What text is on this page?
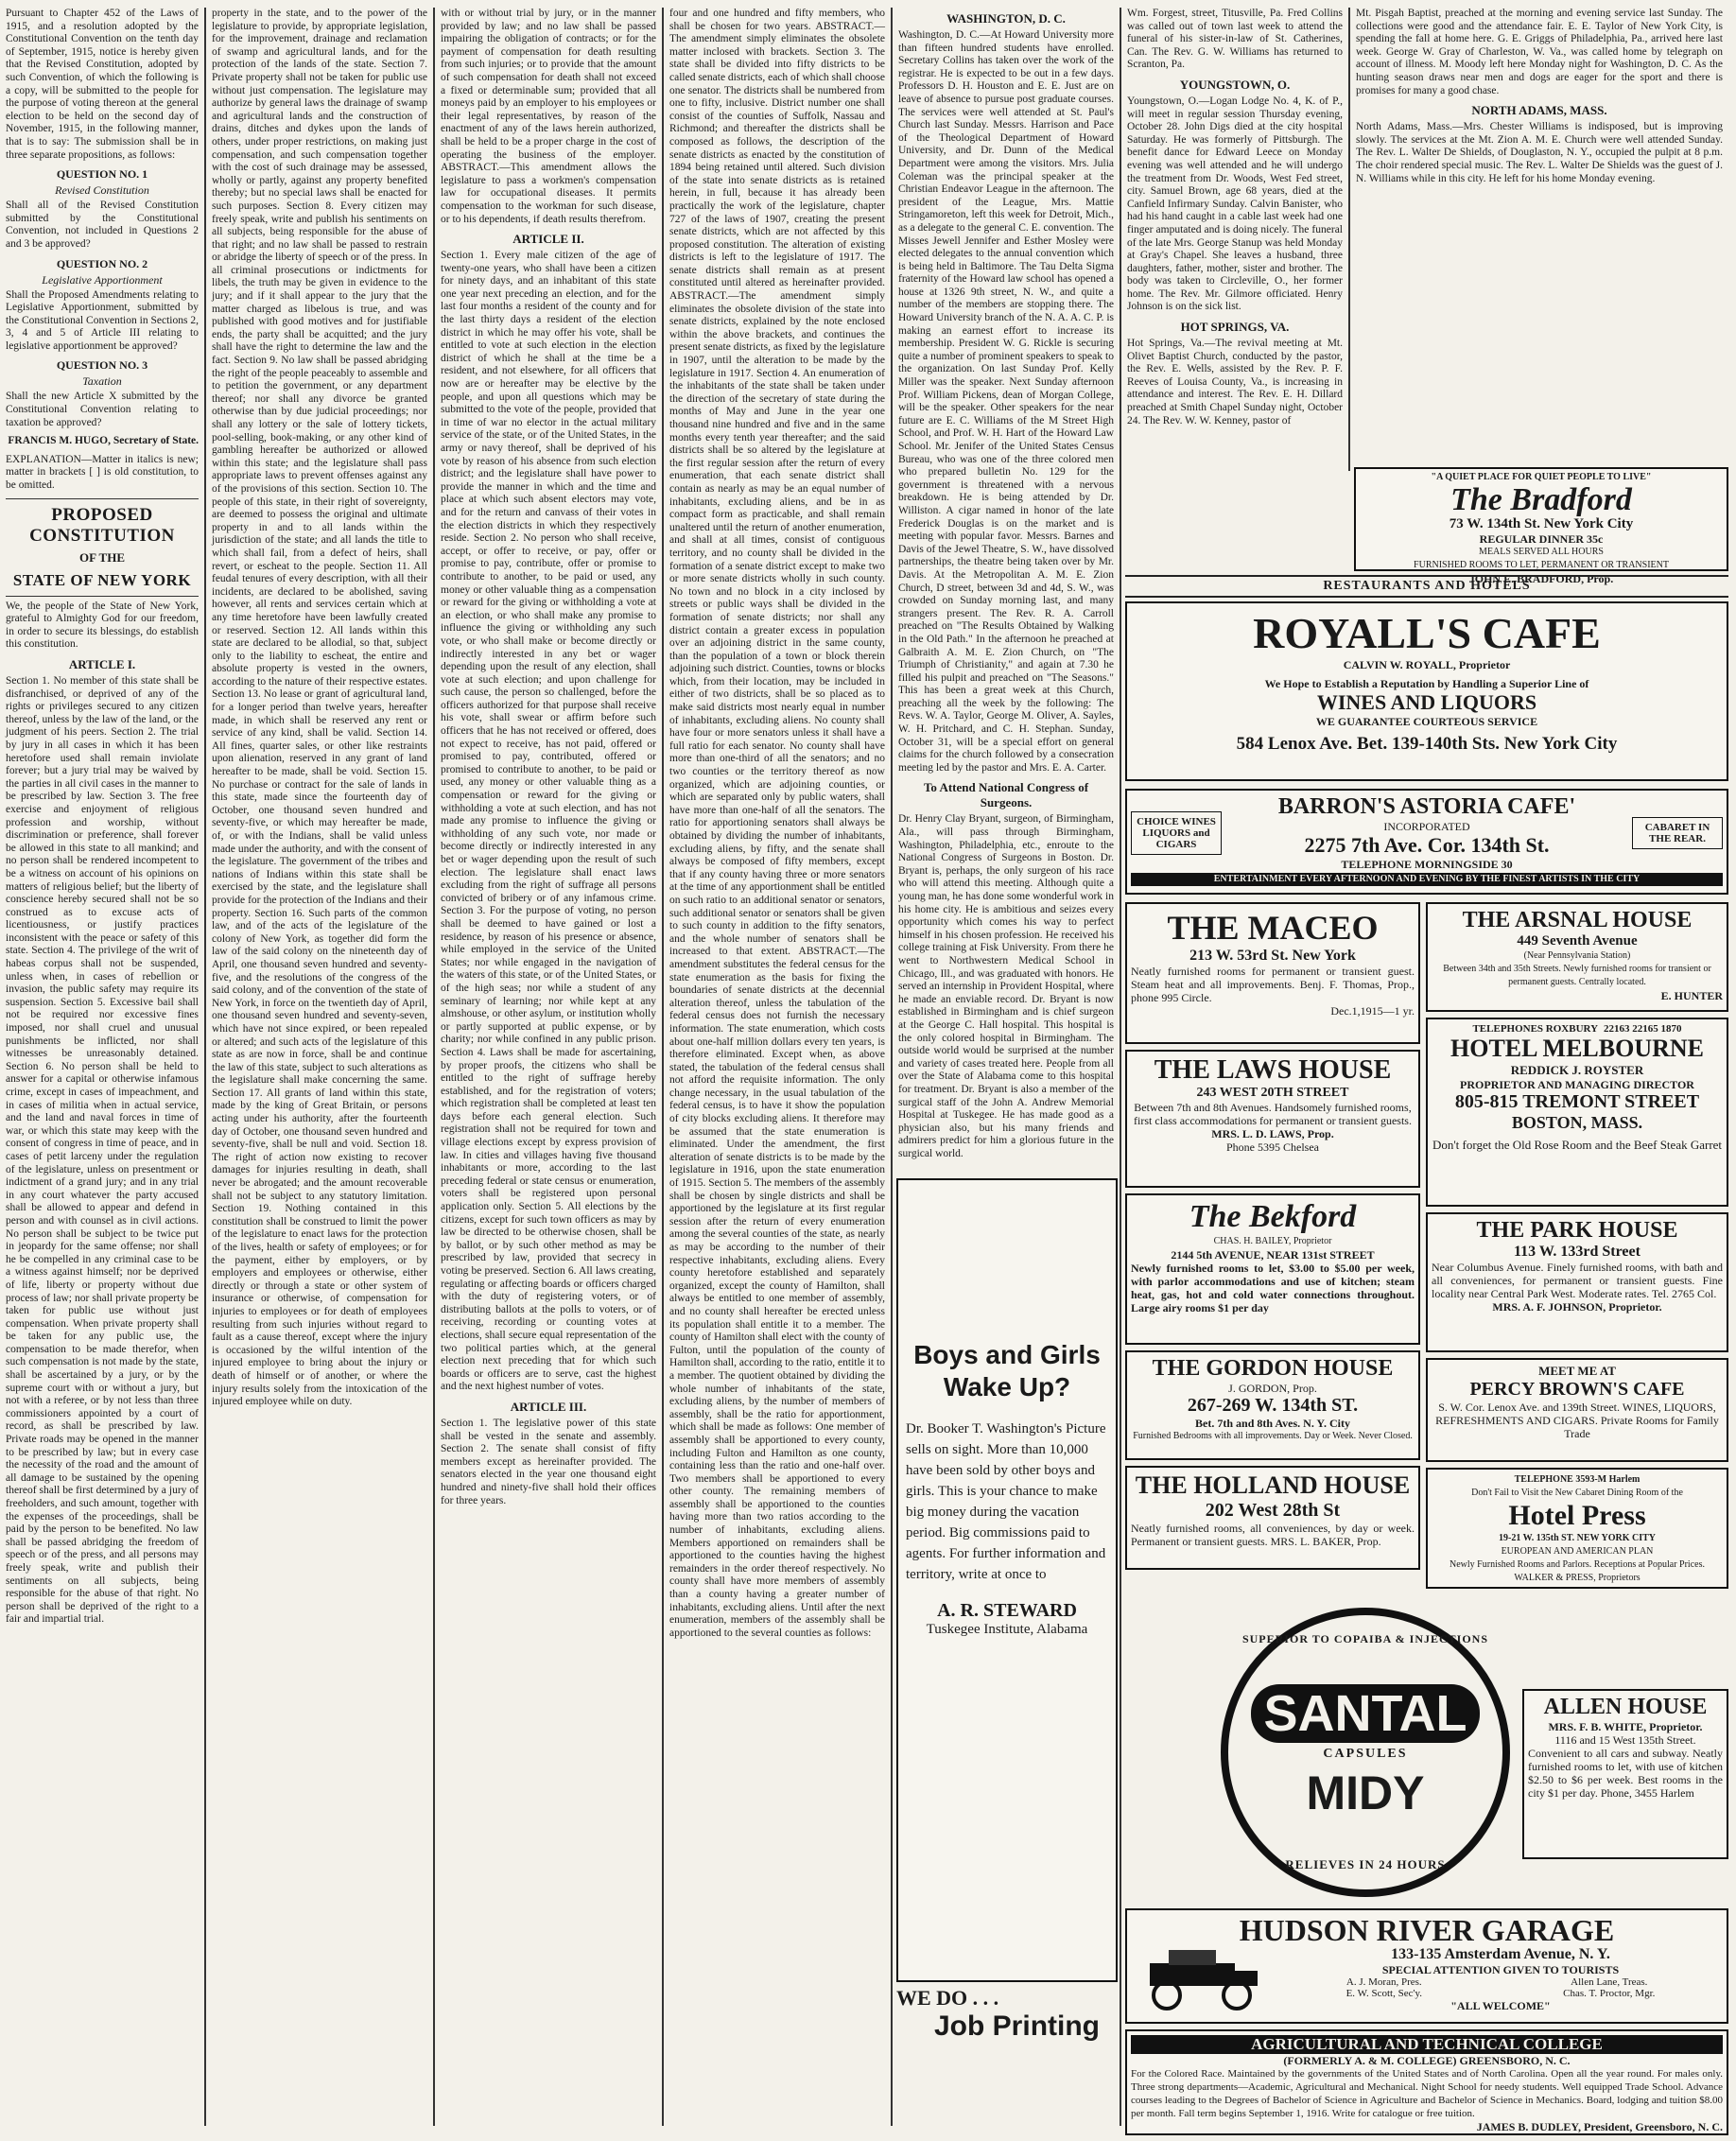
Pursuant to Chapter 452 of the Laws of 1915, and a resolution adopted by the Constitutional Convention on the tenth day of September, 1915, notice is hereby given that the Revised Constitution, adopted by such Convention, of which the following is a copy, will be submitted to the people for the purpose of voting thereon at the general election to be held on the second day of November, 1915, in the following manner, that is to say: The submission shall be in three separate propositions, as follows:

QUESTION NO. 1
Revised Constitution

Shall all of the Revised Constitution submitted by the Constitutional Convention, not included in Questions 2 and 3 be approved?

QUESTION NO. 2
Legislative Apportionment

Shall the Proposed Amendments relating to Legislative Apportionment, submitted by the Constitutional Convention in Sections 2, 3, 4 and 5 of Article III relating to legislative apportionment be approved?

QUESTION NO. 3
Taxation

Shall the new Article X submitted by the Constitutional Convention relating to taxation be approved?

FRANCIS M. HUGO, Secretary of State.

EXPLANATION—Matter in italics is new; matter in brackets [ ] is old constitution, to be omitted.

PROPOSED CONSTITUTION
OF THE
STATE OF NEW YORK

We, the people of the State of New York, grateful to Almighty God for our freedom, in order to secure its blessings, do establish this constitution.

ARTICLE I.

Section 1. No member of this state shall be disfranchised, or deprived of any of the rights or privileges secured to any citizen thereof, unless by the law of the land, or the judgment of his peers. Section 2. The trial by jury in all cases in which it has been heretofore used shall remain inviolate forever; but a jury trial may be waived by the parties in all civil cases in the manner to be prescribed by law. Section 3. The free exercise and enjoyment of religious profession and worship, without discrimination or preference, shall forever be allowed in this state to all mankind; and no person shall be rendered incompetent to be a witness on account of his opinions on matters of religious belief; but the liberty of conscience hereby secured shall not be so construed as to excuse acts of licentiousness, or justify practices inconsistent with the peace or safety of this state. Section 4. The privilege of the writ of habeas corpus shall not be suspended, unless when, in cases of rebellion or invasion, the public safety may require its suspension. Section 5. Excessive bail shall not be required nor excessive fines imposed, nor shall cruel and unusual punishments be inflicted, nor shall witnesses be unreasonably detained. Section 6. No person shall be held to answer for a capital or otherwise infamous crime, except in cases of impeachment, and in cases of militia when in actual service, and the land and naval forces in time of war, or which this state may keep with the consent of congress in time of peace, and in cases of petit larceny under the regulation of the legislature, unless on presentment or indictment of a grand jury; and in any trial in any court whatever the party accused shall be allowed to appear and defend in person and with counsel as in civil actions. No person shall be subject to be twice put in jeopardy for the same offense; nor shall he be compelled in any criminal case to be a witness against himself; nor be deprived of life, liberty or property without due process of law; nor shall private property be taken for public use without just compensation. When private property shall be taken for any public use, the compensation to be made therefor, when such compensation is not made by the state, shall be ascertained by a jury, or by the supreme court with or without a jury, but not with a referee, or by not less than three commissioners appointed by a court of record, as shall be prescribed by law. Private roads may be opened in the manner to be prescribed by law; but in every case the necessity of the road and the amount of all damage to be sustained by the opening thereof shall be first determined by a jury of freeholders, and such amount, together with the expenses of the proceedings, shall be paid by the person to be benefited. No law shall be passed abridging the freedom of speech or of the press, and all persons may freely speak, write and publish their sentiments on all subjects, being responsible for the abuse of that right. No person shall be deprived of the right to a fair and impartial trial.

property in the state, and to the power of the legislature to provide, by appropriate legislation, for the improvement, drainage and reclamation of swamp and agricultural lands, and for the protection of the lands of the state. Section 7. Private property shall not be taken for public use without just compensation. The legislature may authorize by general laws the drainage of swamp and agricultural lands and the construction of drains, ditches and dykes upon the lands of others, under proper restrictions, on making just compensation, and such compensation together with the cost of such drainage may be assessed, wholly or partly, against any property benefited thereby; but no special laws shall be enacted for such purposes. Section 8. Every citizen may freely speak, write and publish his sentiments on all subjects, being responsible for the abuse of that right; and no law shall be passed to restrain or abridge the liberty of speech or of the press. In all criminal prosecutions or indictments for libels, the truth may be given in evidence to the jury; and if it shall appear to the jury that the matter charged as libelous is true, and was published with good motives and for justifiable ends, the party shall be acquitted; and the jury shall have the right to determine the law and the fact. Section 9. No law shall be passed abridging the right of the people peaceably to assemble and to petition the government, or any department thereof; nor shall any divorce be granted otherwise than by due judicial proceedings; nor shall any lottery or the sale of lottery tickets, pool-selling, book-making, or any other kind of gambling hereafter be authorized or allowed within this state; and the legislature shall pass appropriate laws to prevent offenses against any of the provisions of this section. Section 10. The people of this state, in their right of sovereignty, are deemed to possess the original and ultimate property in and to all lands within the jurisdiction of the state; and all lands the title to which shall fail, from a defect of heirs, shall revert, or escheat to the people. Section 11. All feudal tenures of every description, with all their incidents, are declared to be abolished, saving however, all rents and services certain which at any time heretofore have been lawfully created or reserved. Section 12. All lands within this state are declared to be allodial, so that, subject only to the liability to escheat, the entire and absolute property is vested in the owners, according to the nature of their respective estates. Section 13. No lease or grant of agricultural land, for a longer period than twelve years, hereafter made, in which shall be reserved any rent or service of any kind, shall be valid. Section 14. All fines, quarter sales, or other like restraints upon alienation, reserved in any grant of land hereafter to be made, shall be void. Section 15. No purchase or contract for the sale of lands in this state, made since the fourteenth day of October, one thousand seven hundred and seventy-five, or which may hereafter be made, of, or with the Indians, shall be valid unless made under the authority, and with the consent of the legislature. The government of the tribes and nations of Indians within this state shall be exercised by the state, and the legislature shall provide for the protection of the Indians and their property. Section 16. Such parts of the common law, and of the acts of the legislature of the colony of New York, as together did form the law of the said colony on the nineteenth day of April, one thousand seven hundred and seventy-five, and the resolutions of the congress of the said colony, and of the convention of the state of New York, in force on the twentieth day of April, one thousand seven hundred and seventy-seven, which have not since expired, or been repealed or altered; and such acts of the legislature of this state as are now in force, shall be and continue the law of this state, subject to such alterations as the legislature shall make concerning the same. Section 17. All grants of land within this state, made by the king of Great Britain, or persons acting under his authority, after the fourteenth day of October, one thousand seven hundred and seventy-five, shall be null and void. Section 18. The right of action now existing to recover damages for injuries resulting in death, shall never be abrogated; and the amount recoverable shall not be subject to any statutory limitation. Section 19. Nothing contained in this constitution shall be construed to limit the power of the legislature to enact laws for the protection of the lives, health or safety of employees; or for the payment, either by employers, or by employers and employees or otherwise, either directly or through a state or other system of insurance or otherwise, of compensation for injuries to employees or for death of employees resulting from such injuries without regard to fault as a cause thereof, except where the injury is occasioned by the wilful intention of the injured employee to bring about the injury or death of himself or of another, or where the injury results solely from the intoxication of the injured employee while on duty.

with or without trial by jury, or in the manner provided by law; and no law shall be passed impairing the obligation of contracts; or for the payment of compensation for death resulting from such injuries; or to provide that the amount of such compensation for death shall not exceed a fixed or determinable sum; provided that all moneys paid by an employer to his employees or their legal representatives, by reason of the enactment of any of the laws herein authorized, shall be held to be a proper charge in the cost of operating the business of the employer. ABSTRACT.—This amendment allows the legislature to pass a workmen's compensation law for occupational diseases. It permits compensation to the workman for such disease, or to his dependents, if death results therefrom.

ARTICLE II.

Section 1. Every male citizen of the age of twenty-one years, who shall have been a citizen for ninety days, and an inhabitant of this state one year next preceding an election, and for the last four months a resident of the county and for the last thirty days a resident of the election district in which he may offer his vote, shall be entitled to vote at such election in the election district of which he shall at the time be a resident, and not elsewhere, for all officers that now are or hereafter may be elective by the people, and upon all questions which may be submitted to the vote of the people, provided that in time of war no elector in the actual military service of the state, or of the United States, in the army or navy thereof, shall be deprived of his vote by reason of his absence from such election district; and the legislature shall have power to provide the manner in which and the time and place at which such absent electors may vote, and for the return and canvass of their votes in the election districts in which they respectively reside. Section 2. No person who shall receive, accept, or offer to receive, or pay, offer or promise to pay, contribute, offer or promise to contribute to another, to be paid or used, any money or other valuable thing as a compensation or reward for the giving or withholding a vote at an election, or who shall make any promise to influence the giving or withholding any such vote, or who shall make or become directly or indirectly interested in any bet or wager depending upon the result of any election, shall vote at such election; and upon challenge for such cause, the person so challenged, before the officers authorized for that purpose shall receive his vote, shall swear or affirm before such officers that he has not received or offered, does not expect to receive, has not paid, offered or promised to pay, contributed, offered or promised to contribute to another, to be paid or used, any money or other valuable thing as a compensation or reward for the giving or withholding a vote at such election, and has not made any promise to influence the giving or withholding of any such vote, nor made or become directly or indirectly interested in any bet or wager depending upon the result of such election. The legislature shall enact laws excluding from the right of suffrage all persons convicted of bribery or of any infamous crime. Section 3. For the purpose of voting, no person shall be deemed to have gained or lost a residence, by reason of his presence or absence, while employed in the service of the United States; nor while engaged in the navigation of the waters of this state, or of the United States, or of the high seas; nor while a student of any seminary of learning; nor while kept at any almshouse, or other asylum, or institution wholly or partly supported at public expense, or by charity; nor while confined in any public prison. Section 4. Laws shall be made for ascertaining, by proper proofs, the citizens who shall be entitled to the right of suffrage hereby established, and for the registration of voters; which registration shall be completed at least ten days before each general election. Such registration shall not be required for town and village elections except by express provision of law. In cities and villages having five thousand inhabitants or more, according to the last preceding federal or state census or enumeration, voters shall be registered upon personal application only. Section 5. All elections by the citizens, except for such town officers as may by law be directed to be otherwise chosen, shall be by ballot, or by such other method as may be prescribed by law, provided that secrecy in voting be preserved. Section 6. All laws creating, regulating or affecting boards or officers charged with the duty of registering voters, or of distributing ballots at the polls to voters, or of receiving, recording or counting votes at elections, shall secure equal representation of the two political parties which, at the general election next preceding that for which such boards or officers are to serve, cast the highest and the next highest number of votes.

ARTICLE III.

Section 1. The legislative power of this state shall be vested in the senate and assembly. Section 2. The senate shall consist of fifty members except as hereinafter provided. The senators elected in the year one thousand eight hundred and ninety-five shall hold their offices for three years.

four and one hundred and fifty members, who shall be chosen for two years. ABSTRACT.—The amendment simply eliminates the obsolete matter inclosed with brackets. Section 3. The state shall be divided into fifty districts to be called senate districts, each of which shall choose one senator. The districts shall be numbered from one to fifty, inclusive. District number one shall consist of the counties of Suffolk, Nassau and Richmond; and thereafter the districts shall be composed as follows, the description of the senate districts as enacted by the constitution of 1894 being retained until altered. Such division of the state into senate districts as is retained herein, in full, because it has already been practically the work of the legislature, chapter 727 of the laws of 1907, creating the present senate districts, which are not affected by this proposed constitution. The alteration of existing districts is left to the legislature of 1917. The senate districts shall remain as at present constituted until altered as hereinafter provided. ABSTRACT.—The amendment simply eliminates the obsolete division of the state into senate districts, explained by the note enclosed within the above brackets, and continues the present senate districts, as fixed by the legislature in 1907, until the alteration to be made by the legislature in 1917. Section 4. An enumeration of the inhabitants of the state shall be taken under the direction of the secretary of state during the months of May and June in the year one thousand nine hundred and five and in the same months every tenth year thereafter; and the said districts shall be so altered by the legislature at the first regular session after the return of every enumeration, that each senate district shall contain as nearly as may be an equal number of inhabitants, excluding aliens, and be in as compact form as practicable, and shall remain unaltered until the return of another enumeration, and shall at all times, consist of contiguous territory, and no county shall be divided in the formation of a senate district except to make two or more senate districts wholly in such county. No town and no block in a city inclosed by streets or public ways shall be divided in the formation of senate districts; nor shall any district contain a greater excess in population over an adjoining district in the same county, than the population of a town or block therein adjoining such district. Counties, towns or blocks which, from their location, may be included in either of two districts, shall be so placed as to make said districts most nearly equal in number of inhabitants, excluding aliens. No county shall have four or more senators unless it shall have a full ratio for each senator. No county shall have more than one-third of all the senators; and no two counties or the territory thereof as now organized, which are adjoining counties, or which are separated only by public waters, shall have more than one-half of all the senators. The ratio for apportioning senators shall always be obtained by dividing the number of inhabitants, excluding aliens, by fifty, and the senate shall always be composed of fifty members, except that if any county having three or more senators at the time of any apportionment shall be entitled on such ratio to an additional senator or senators, such additional senator or senators shall be given to such county in addition to the fifty senators, and the whole number of senators shall be increased to that extent. ABSTRACT.—The amendment substitutes the federal census for the state enumeration as the basis for fixing the boundaries of senate districts at the decennial alteration thereof, unless the tabulation of the federal census does not furnish the necessary information. The state enumeration, which costs about one-half million dollars every ten years, is therefore eliminated. Except when, as above stated, the tabulation of the federal census shall not afford the requisite information. The only change necessary, in the usual tabulation of the federal census, is to have it show the population of city blocks excluding aliens. It therefore may be assumed that the state enumeration is eliminated. Under the amendment, the first alteration of senate districts is to be made by the legislature in 1916, upon the state enumeration of 1915. Section 5. The members of the assembly shall be chosen by single districts and shall be apportioned by the legislature at its first regular session after the return of every enumeration among the several counties of the state, as nearly as may be according to the number of their respective inhabitants, excluding aliens. Every county heretofore established and separately organized, except the county of Hamilton, shall always be entitled to one member of assembly, and no county shall hereafter be erected unless its population shall entitle it to a member. The county of Hamilton shall elect with the county of Fulton, until the population of the county of Hamilton shall, according to the ratio, entitle it to a member. The quotient obtained by dividing the whole number of inhabitants of the state, excluding aliens, by the number of members of assembly, shall be the ratio for apportionment, which shall be made as follows: One member of assembly shall be apportioned to every county, including Fulton and Hamilton as one county, containing less than the ratio and one-half over. Two members shall be apportioned to every other county. The remaining members of assembly shall be apportioned to the counties having more than two ratios according to the number of inhabitants, excluding aliens. Members apportioned on remainders shall be apportioned to the counties having the highest remainders in the order thereof respectively. No county shall have more members of assembly than a county having a greater number of inhabitants, excluding aliens. Until after the next enumeration, members of the assembly shall be apportioned to the several counties as follows:

WASHINGTON, D. C.

Washington, D. C.—At Howard University more than fifteen hundred students have enrolled. Secretary Collins has taken over the work of the registrar. He is expected to be out in a few days. Professors D. H. Houston and E. E. Just are on leave of absence to pursue post graduate courses. The services were well attended at St. Paul's Church last Sunday. Messrs. Harrison and Pace of the Theological Department of Howard University, and Dr. Dunn of the Medical Department were among the visitors. Mrs. Julia Coleman was the principal speaker at the Christian Endeavor League in the afternoon. The president of the League, Mrs. Mattie Stringamoreton, left this week for Detroit, Mich., as a delegate to the general C. E. convention. The Misses Jewell Jennifer and Esther Mosley were elected delegates to the annual convention which is being held in Baltimore. The Tau Delta Sigma fraternity of the Howard law school has opened a house at 1326 9th street, N. W., and quite a number of the members are stopping there. The Howard University branch of the N. A. A. C. P. is making an earnest effort to increase its membership. President W. G. Rickle is securing quite a number of prominent speakers to speak to the organization. On last Sunday Prof. Kelly Miller was the speaker. Next Sunday afternoon Prof. William Pickens, dean of Morgan College, will be the speaker. Other speakers for the near future are E. C. Williams of the M Street High School, and Prof. W. H. Hart of the Howard Law School. Mr. Jenifer of the United States Census Bureau, who was one of the three colored men who prepared bulletin No. 129 for the government is threatened with a nervous breakdown. He is being attended by Dr. Williston. A cigar named in honor of the late Frederick Douglas is on the market and is meeting with popular favor. Messrs. Barnes and Davis of the Jewel Theatre, S. W., have dissolved partnerships, the theatre being taken over by Mr. Davis. At the Metropolitan A. M. E. Zion Church, D street, between 3d and 4d, S. W., was crowded on Sunday morning last, and many strangers present. The Rev. R. A. Carroll preached on "The Results Obtained by Walking in the Old Path." In the afternoon he preached at Galbraith A. M. E. Zion Church, on "The Triumph of Christianity," and again at 7.30 he filled his pulpit and preached on "The Seasons." This has been a great week at this Church, preaching all the week by the following: The Revs. W. A. Taylor, George M. Oliver, A. Sayles, W. H. Pritchard, and C. H. Stephan. Sunday, October 31, will be a special effort on general claims for the church followed by a consecration meeting led by the pastor and Mrs. E. A. Carter.

To Attend National Congress of Surgeons.

Dr. Henry Clay Bryant, surgeon, of Birmingham, Ala., will pass through Birmingham, Washington, Philadelphia, etc., enroute to the National Congress of Surgeons in Boston. Dr. Bryant is, perhaps, the only surgeon of his race who will attend this meeting. Although quite a young man, he has done some wonderful work in his home city. He is ambitious and seizes every opportunity which comes his way to perfect himself in his chosen profession. He received his college training at Fisk University. From there he went to Northwestern Medical School in Chicago, Ill., and was graduated with honors. He served an internship in Provident Hospital, where he made an enviable record. Dr. Bryant is now established in Birmingham and is chief surgeon at the George C. Hall hospital. This hospital is the only colored hospital in Birmingham. The outside world would be surprised at the number and variety of cases treated here. People from all over the State of Alabama come to this hospital for treatment. Dr. Bryant is also a member of the surgical staff of the John A. Andrew Memorial Hospital at Tuskegee. He has made good as a physician also, but his many friends and admirers predict for him a glorious future in the surgical world.

Wm. Forgest, street, Titusville, Pa. Fred Collins was called out of town last week to attend the funeral of his sister-in-law of St. Catherines, Can. The Rev. G. W. Williams has returned to Scranton, Pa.

YOUNGSTOWN, O.

Youngstown, O.—Logan Lodge No. 4, K. of P., will meet in regular session Thursday evening, October 28. John Digs died at the city hospital Saturday. He was formerly of Pittsburgh. The benefit dance for Edward Leece on Monday evening was well attended and he will undergo the treatment from Dr. Woods, West Fed street, city. Samuel Brown, age 68 years, died at the Canfield Infirmary Sunday. Calvin Banister, who had his hand caught in a cable last week had one finger amputated and is doing nicely. The funeral of the late Mrs. George Stanup was held Monday at Gray's Chapel. She leaves a husband, three daughters, father, mother, sister and brother. The body was taken to Circleville, O., her former home. The Rev. Mr. Gilmore officiated. Henry Johnson is on the sick list.

HOT SPRINGS, VA.

Hot Springs, Va.—The revival meeting at Mt. Olivet Baptist Church, conducted by the pastor, the Rev. E. Wells, assisted by the Rev. P. F. Reeves of Louisa County, Va., is increasing in attendance and interest. The Rev. E. H. Dillard preached at Smith Chapel Sunday night, October 24. The Rev. W. W. Kenney, pastor of

Mt. Pisgah Baptist, preached at the morning and evening service last Sunday. The collections were good and the attendance fair. E. E. Taylor of New York City, is spending the fall at home here. G. E. Griggs of Philadelphia, Pa., arrived here last week. George W. Gray of Charleston, W. Va., was called home by telegraph on account of illness. M. Moody left here Monday night for Washington, D. C. As the hunting season draws near men and dogs are eager for the sport and there is promises for many a good chase.

NORTH ADAMS, MASS.

North Adams, Mass.—Mrs. Chester Williams is indisposed, but is improving slowly. The services at the Mt. Zion A. M. E. Church were well attended Sunday. The Rev. L. Walter De Shields, of Douglaston, N. Y., occupied the pulpit at 8 p.m. The choir rendered special music. The Rev. L. Walter De Shields was the guest of J. N. Williams while in this city. He left for his home Monday evening.

"A QUIET PLACE FOR QUIET PEOPLE TO LIVE"
The Bradford
73 W. 134th St. New York City
REGULAR DINNER 35c
MEALS SERVED ALL HOURS
FURNISHED ROOMS TO LET, PERMANENT OR TRANSIENT
JOHN E. BRADFORD, Prop.
RESTAURANTS AND HOTELS
ROYALL'S CAFE
CALVIN W. ROYALL, Proprietor
We Hope to Establish a Reputation by Handling a Superior Line of
WINES AND LIQUORS
WE GUARANTEE COURTEOUS SERVICE
584 Lenox Ave. Bet. 139-140th Sts. New York City
CHOICE WINES LIQUORS and CIGARS
BARRON'S ASTORIA CAFE'
INCORPORATED
2275 7th Ave. Cor. 134th St.
TELEPHONE MORNINGSIDE 30
CABARET IN THE REAR.
ENTERTAINMENT EVERY AFTERNOON AND EVENING BY THE FINEST ARTISTS IN THE CITY
THE MACEO
213 W. 53rd St. New York
Neatly furnished rooms for permanent or transient guest. Steam heat and all improvements. Benj. F. Thomas, Prop., phone 995 Circle.
Dec.1,1915—1 yr.
THE LAWS HOUSE
243 WEST 20TH STREET
Between 7th and 8th Avenues. Handsomely furnished rooms, first class accommodations for permanent or transient guests.
MRS. L. D. LAWS, Prop.
Phone 5395 Chelsea
The Bekford
CHAS. H. BAILEY, Proprietor
2144 5th AVENUE, NEAR 131st STREET
Newly furnished rooms to let, $3.00 to $5.00 per week, with parlor accommodations and use of kitchen; steam heat, gas, hot and cold water connections throughout. Large airy rooms $1 per day
THE GORDON HOUSE
J. GORDON, Prop.
267-269 W. 134th ST.
Bet. 7th and 8th Aves. N. Y. City
Furnished Bedrooms with all improvements. Day or Week. Never Closed.
THE HOLLAND HOUSE
202 West 28th St
Neatly furnished rooms, all conveniences, by day or week. Permanent or transient guests. MRS. L. BAKER, Prop.
THE ARSNAL HOUSE
449 Seventh Avenue
(Near Pennsylvania Station)
Between 34th and 35th Streets. Newly furnished rooms for transient or permanent guests. Centrally located.
E. HUNTER
TELEPHONES ROXBURY 22163 22165 1870
HOTEL MELBOURNE
REDDICK J. ROYSTER
PROPRIETOR AND MANAGING DIRECTOR
805-815 TREMONT STREET
BOSTON, MASS.
Don't forget the Old Rose Room and the Beef Steak Garret
THE PARK HOUSE
113 W. 133rd Street
Near Columbus Avenue. Finely furnished rooms, with bath and all conveniences, for permanent or transient guests. Fine locality near Central Park West. Moderate rates. Tel. 2765 Col.
MRS. A. F. JOHNSON, Proprietor.
MEET ME AT
PERCY BROWN'S CAFE
S. W. Cor. Lenox Ave. and 139th Street. WINES, LIQUORS, REFRESHMENTS AND CIGARS. Private Rooms for Family Trade
TELEPHONE 3593-M Harlem
Don't Fail to Visit the New Cabaret Dining Room of the
Hotel Press
19-21 W. 135th ST. NEW YORK CITY
EUROPEAN AND AMERICAN PLAN
Newly Furnished Rooms and Parlors. Receptions at Popular Prices. WALKER & PRESS, Proprietors
SUPERIOR TO COPAIBA & INJECTIONS
SANTAL
CAPSULES
MIDY
RELIEVES IN 24 HOURS
ALLEN HOUSE
MRS. F. B. WHITE, Proprietor.
1116 and 15 West 135th Street.
Convenient to all cars and subway. Neatly furnished rooms to let, with use of kitchen $2.50 to $6 per week. Best rooms in the city $1 per day. Phone, 3455 Harlem
Boys and Girls Wake Up?
Dr. Booker T. Washington's Picture sells on sight. More than 10,000 have been sold by other boys and girls. This is your chance to make big money during the vacation period. Big commissions paid to agents. For further information and territory, write at once to
A. R. STEWARD
Tuskegee Institute, Alabama
WE DO . . .
Job Printing
HUDSON RIVER GARAGE
133-135 Amsterdam Avenue, N. Y.
SPECIAL ATTENTION GIVEN TO TOURISTS
A. J. Moran, Pres.
E. W. Scott, Sec'y.
Allen Lane, Treas.
Chas. T. Proctor, Mgr.
"ALL WELCOME"
AGRICULTURAL AND TECHNICAL COLLEGE
(FORMERLY A. & M. COLLEGE) GREENSBORO, N. C.
For the Colored Race. Maintained by the governments of the United States and of North Carolina. Open all the year round. For males only. Three strong departments—Academic, Agricultural and Mechanical. Night School for needy students. Well equipped Trade School. Advance courses leading to the Degrees of Bachelor of Science in Agriculture and Bachelor of Science in Mechanics. Board, lodging and tuition $8.00 per month. Fall term begins September 1, 1916. Write for catalogue or free tuition.
JAMES B. DUDLEY, President, Greensboro, N. C.
